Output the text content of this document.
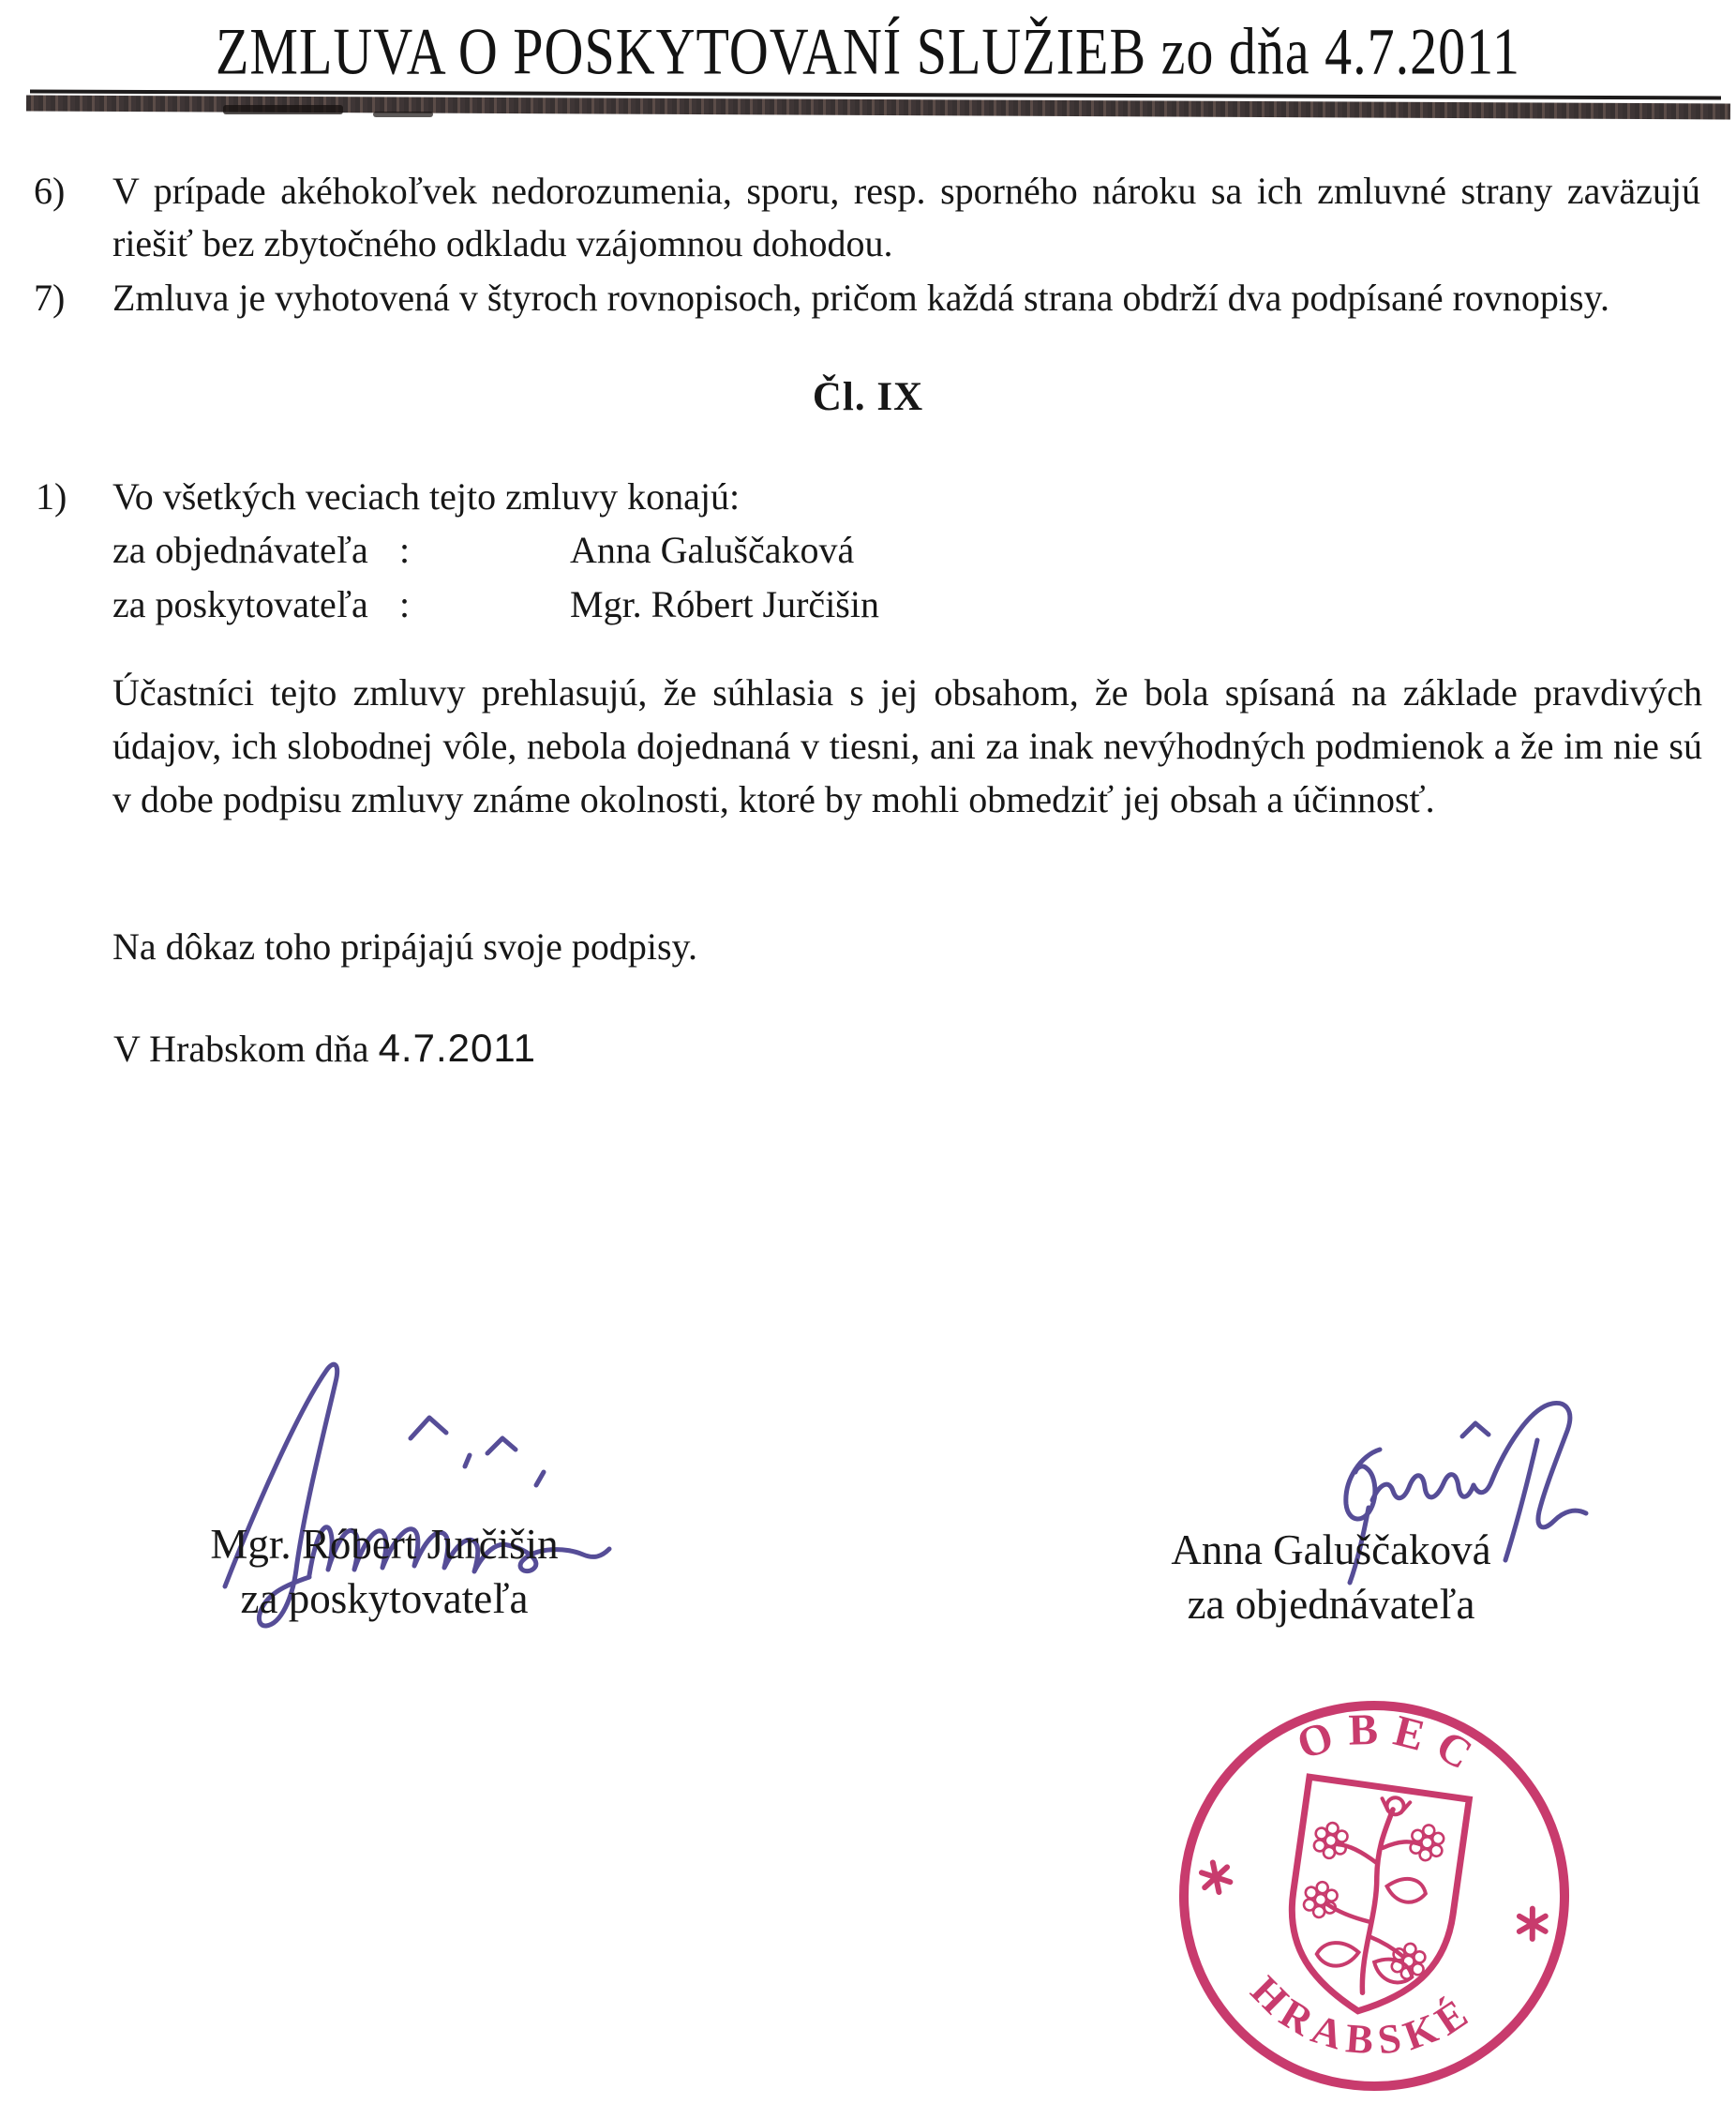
ZMLUVA O POSKYTOVANÍ SLUŽIEB zo dňa 4.7.2011
6) V prípade akéhokoľvek nedorozumenia, sporu, resp. sporného nároku sa ich zmluvné strany zaväzujú riešiť bez zbytočného odkladu vzájomnou dohodou.
7) Zmluva je vyhotovená v štyroch rovnopisoch, pričom každá strana obdrží dva podpísané rovnopisy.
Čl. IX
1) Vo všetkých veciach tejto zmluvy konajú:
za objednávateľa :	Anna Galuščaková
za poskytovateľa :	Mgr. Róbert Jurčišin
Účastníci tejto zmluvy prehlasujú, že súhlasia s jej obsahom, že bola spísaná na základe pravdivých údajov, ich slobodnej vôle, nebola dojednaná v tiesni, ani za inak nevýhodných podmienok a že im nie sú v dobe podpisu zmluvy známe okolnosti, ktoré by mohli obmedziť jej obsah a účinnosť.
Na dôkaz toho pripájajú svoje podpisy.
V Hrabskom dňa 4.7.2011
Mgr. Róbert Jurčišin
za poskytovateľa
Anna Galuščaková
za objednávateľa
OBEC
HRABSKÉ
